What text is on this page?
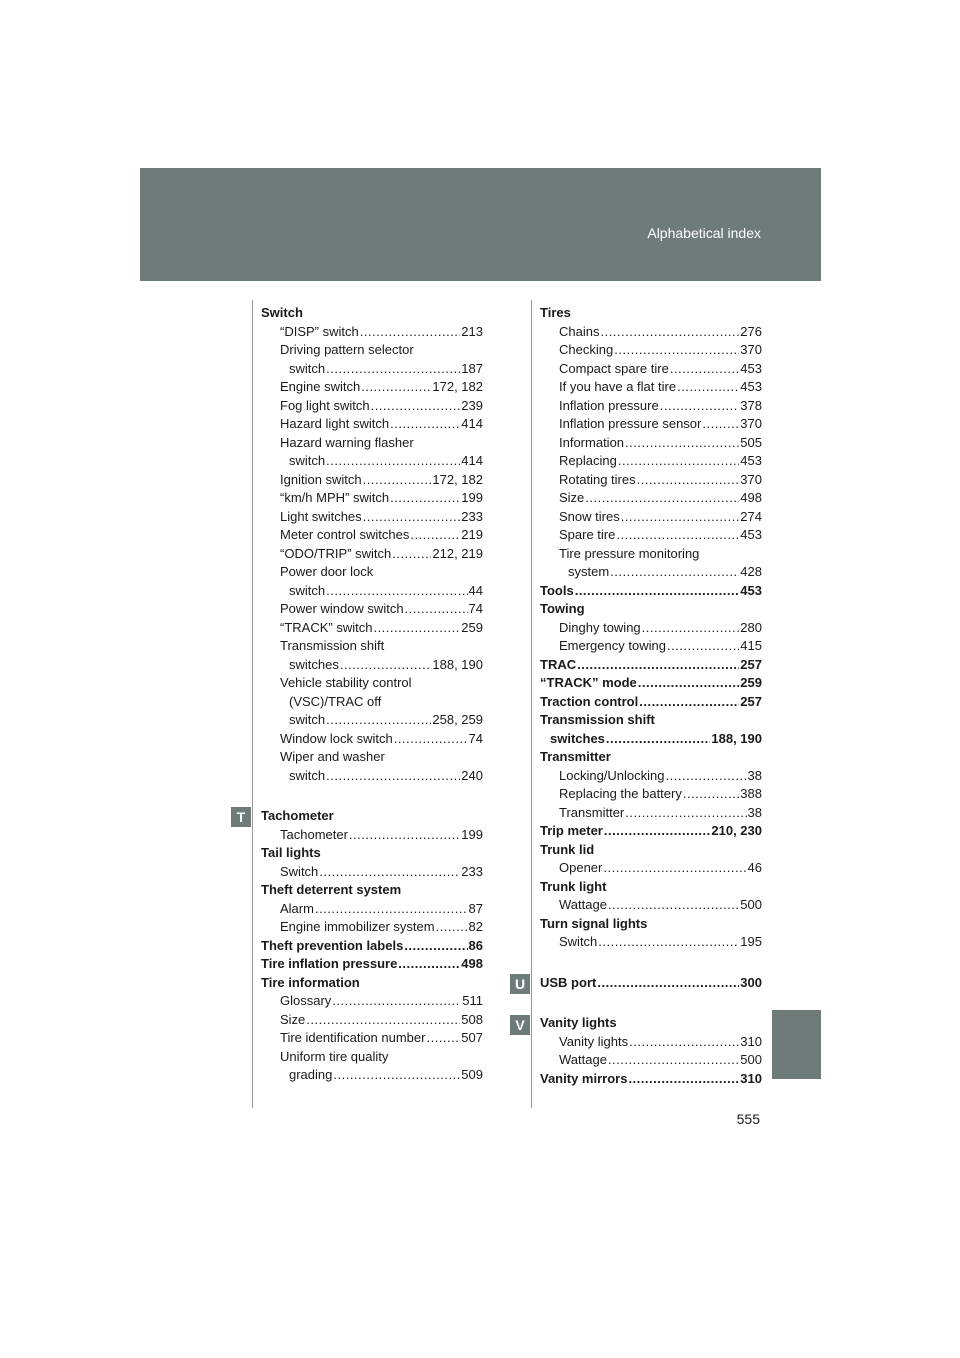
Alphabetical index
Switch
“DISP” switch .....	213
Driving pattern selector
switch .....	187
Engine switch .....	172, 182
Fog light switch .....	239
Hazard light switch .....	414
Hazard warning flasher
switch .....	414
Ignition switch .....	172, 182
“km/h MPH” switch .....	199
Light switches .....	233
Meter control switches .....	219
“ODO/TRIP” switch .....	212, 219
Power door lock
switch .....	44
Power window switch .....	74
“TRACK” switch .....	259
Transmission shift
switches .....	188, 190
Vehicle stability control
(VSC)/TRAC off
switch .....	258, 259
Window lock switch .....	74
Wiper and washer
switch .....	240
Tachometer
Tachometer .....	199
Tail lights
Switch .....	233
Theft deterrent system
Alarm .....	87
Engine immobilizer system .....	82
Theft prevention labels .....	86
Tire inflation pressure .....	498
Tire information
Glossary .....	511
Size .....	508
Tire identification number .....	507
Uniform tire quality
grading .....	509
Tires
Chains .....	276
Checking .....	370
Compact spare tire .....	453
If you have a flat tire .....	453
Inflation pressure .....	378
Inflation pressure sensor .....	370
Information .....	505
Replacing .....	453
Rotating tires .....	370
Size .....	498
Snow tires .....	274
Spare tire .....	453
Tire pressure monitoring
system .....	428
Tools .....	453
Towing
Dinghy towing .....	280
Emergency towing .....	415
TRAC .....	257
“TRACK” mode .....	259
Traction control .....	257
Transmission shift
switches .....	188, 190
Transmitter
Locking/Unlocking .....	38
Replacing the battery .....	388
Transmitter .....	38
Trip meter .....	210, 230
Trunk lid
Opener .....	46
Trunk light
Wattage .....	500
Turn signal lights
Switch .....	195
USB port .....	300
Vanity lights
Vanity lights .....	310
Wattage .....	500
Vanity mirrors .....	310
T
U
V
555
